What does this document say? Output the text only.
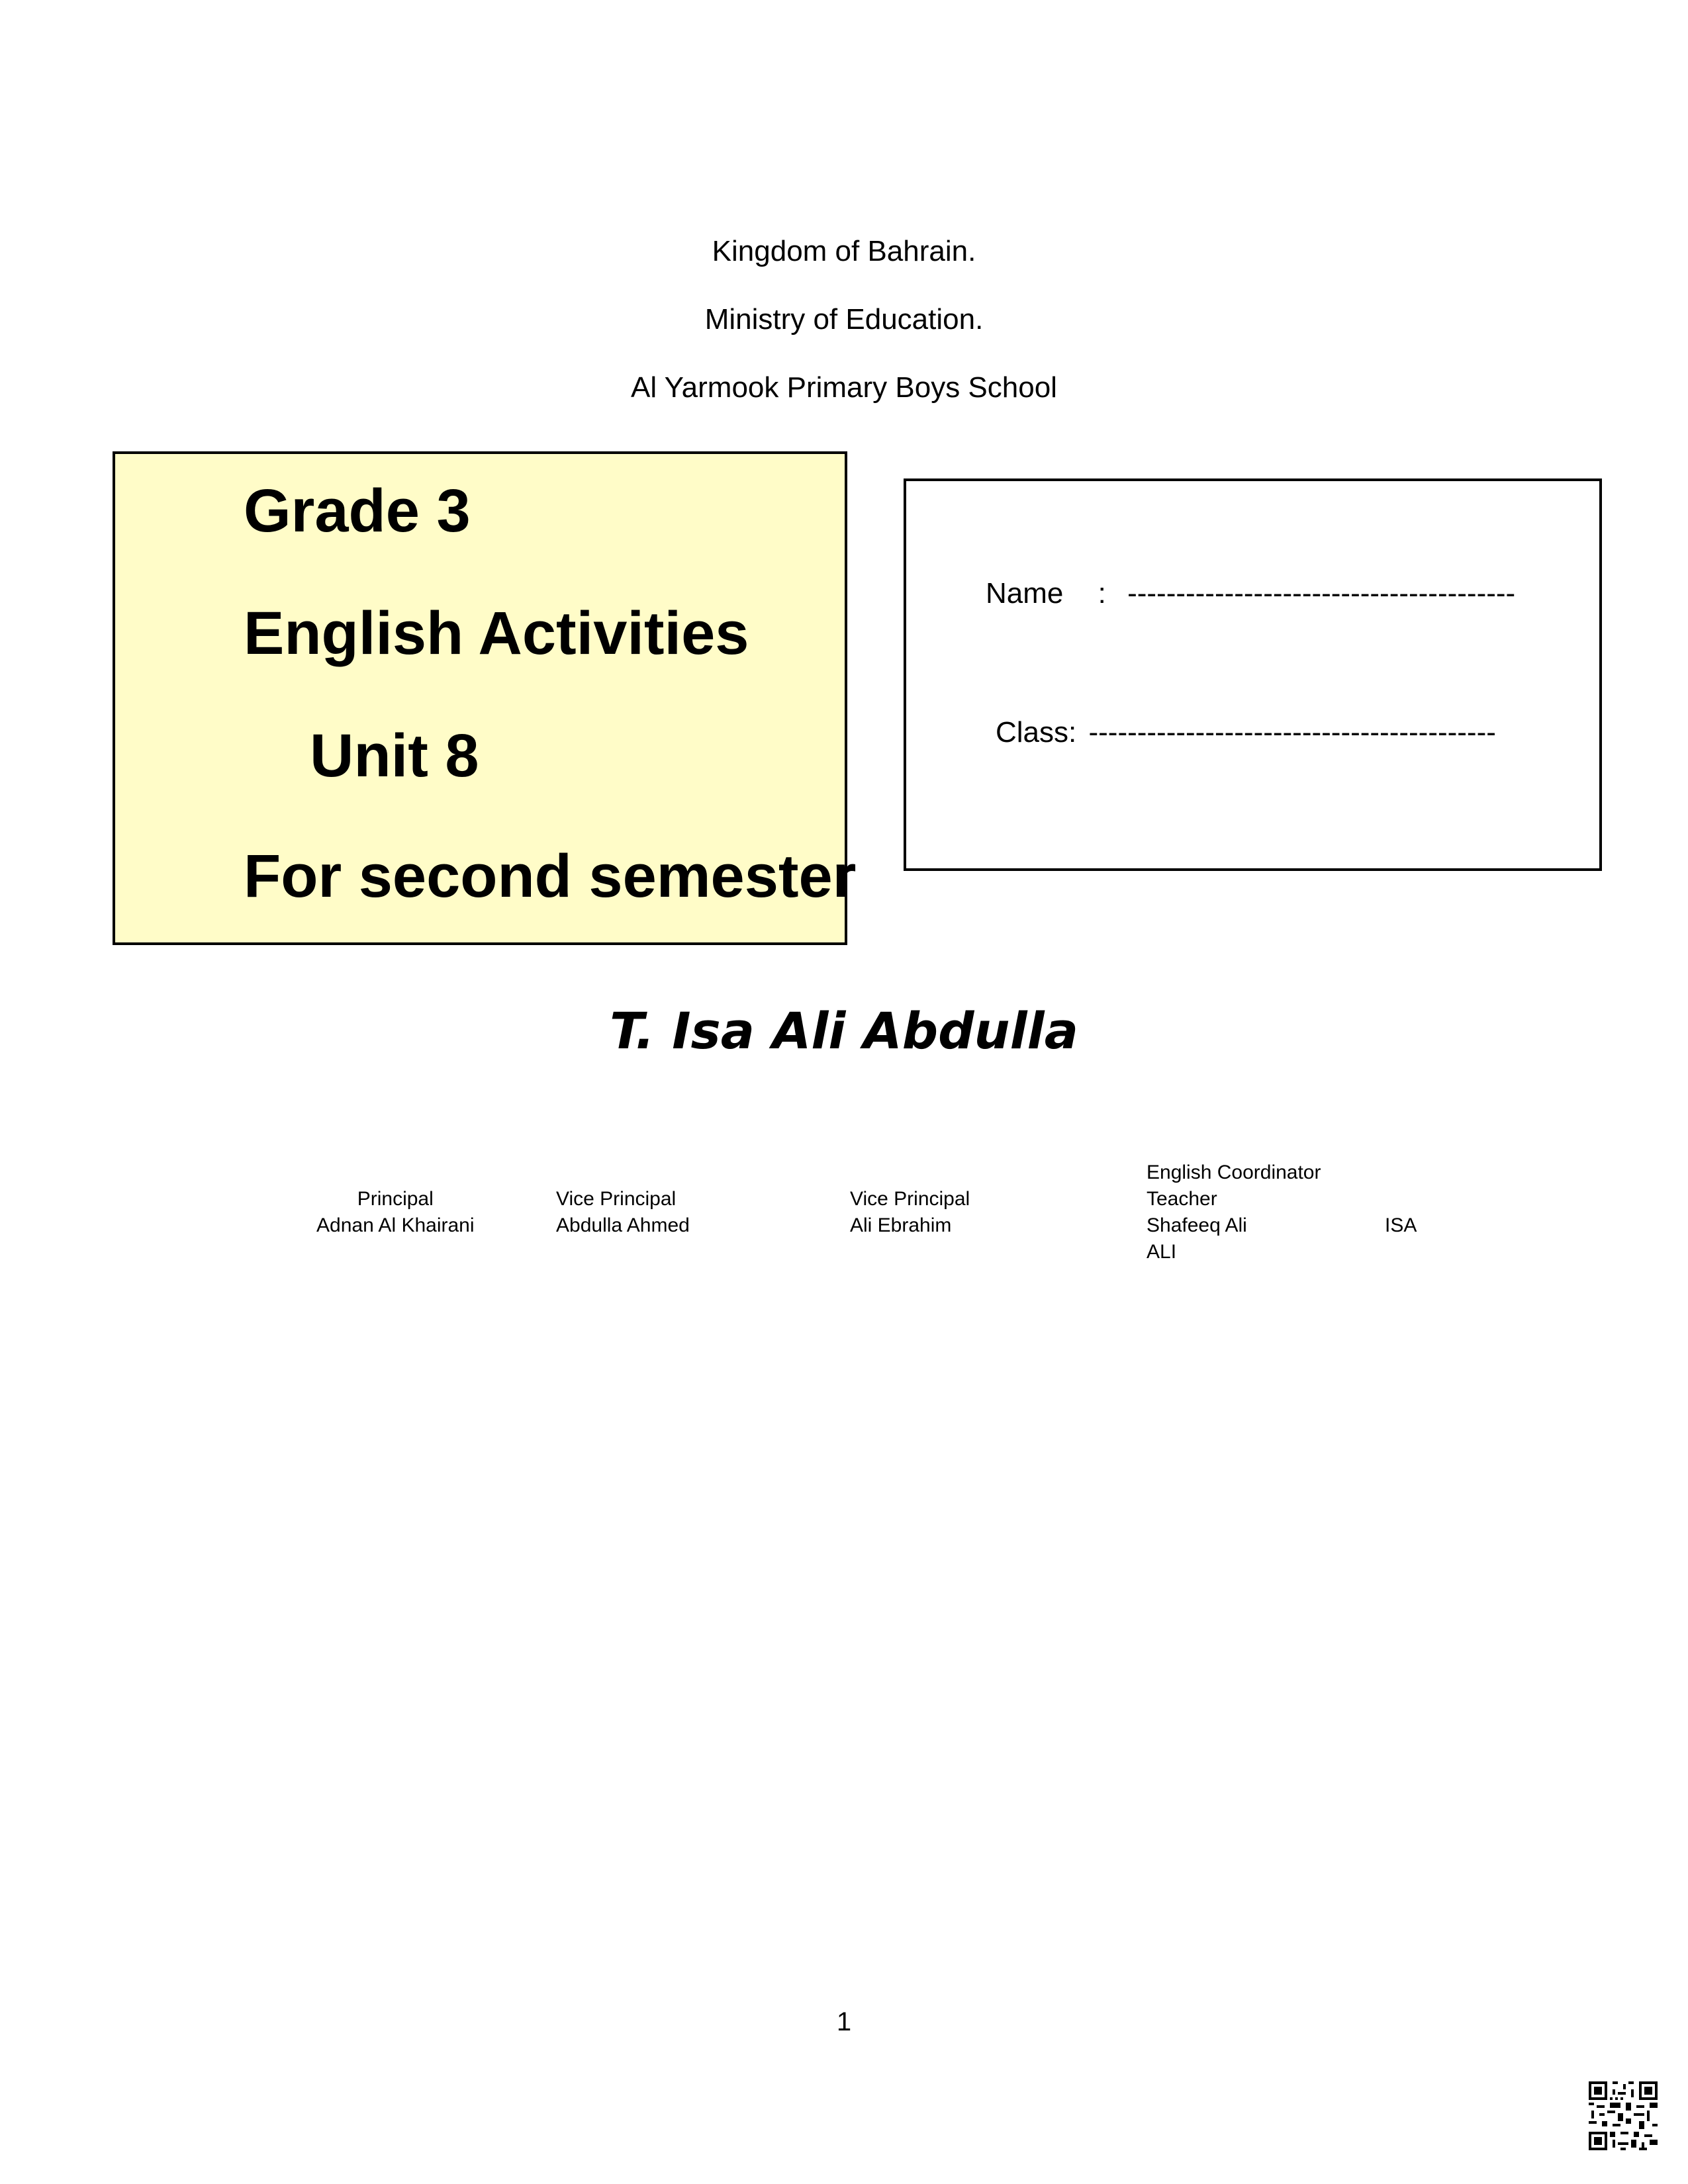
Kingdom of Bahrain.
Ministry of Education.
Al Yarmook Primary Boys School
Grade 3
English Activities
Unit 8
For second semester
Name : ----------------------------------------
Class: ------------------------------------------
T. Isa Ali Abdulla
Principal
Adnan Al Khairani
Vice Principal
Abdulla Ahmed
Vice Principal
Ali Ebrahim
English Coordinator
Teacher
Shafeeq Ali
ALI
ISA
1
